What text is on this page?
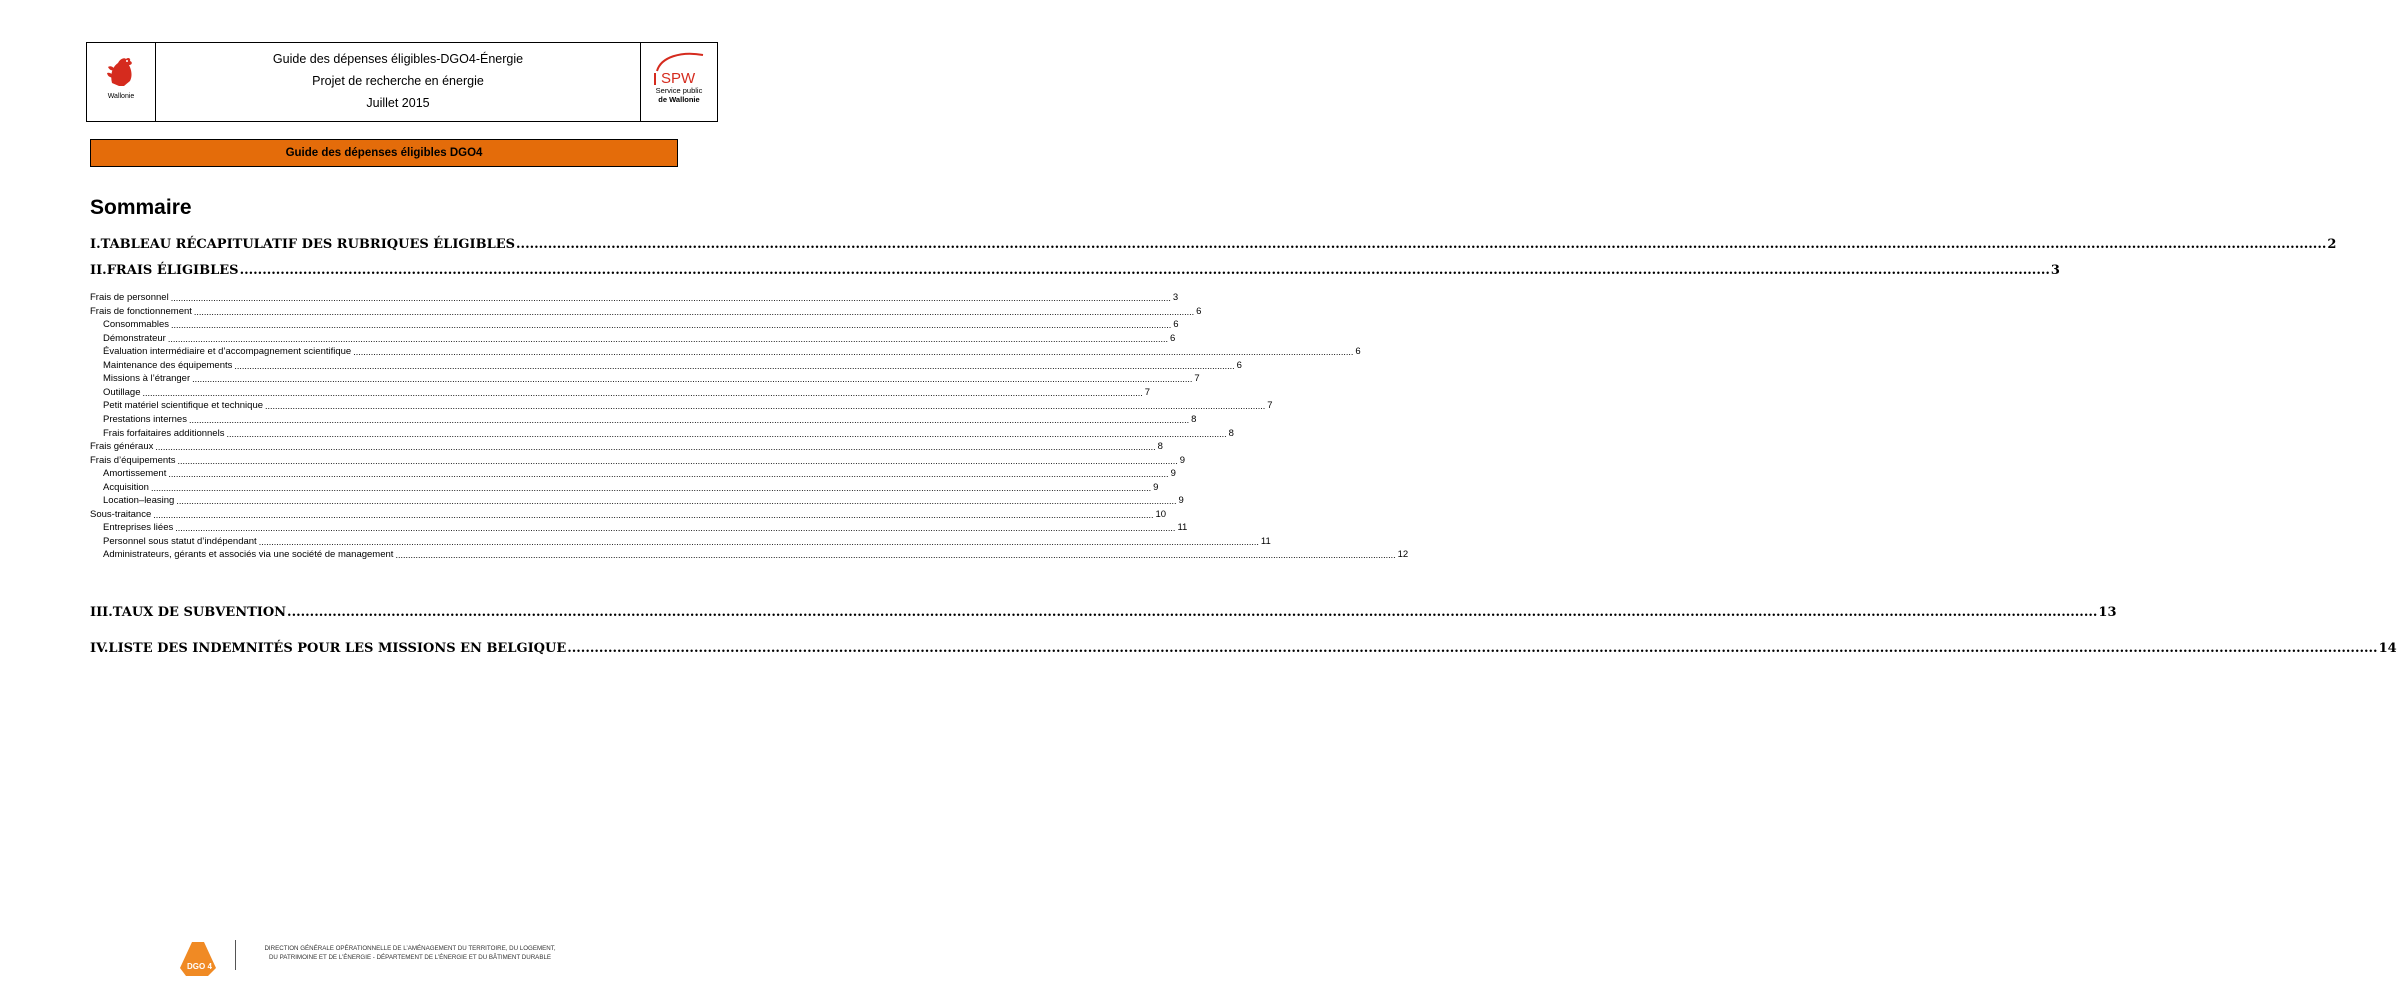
Wallonie
Guide des dépenses éligibles-DGO4-Énergie
Projet de recherche en énergie
Juillet 2015
SPW
Service public
de Wallonie
Guide des dépenses éligibles DGO4
Sommaire
I. TABLEAU RÉCAPITULATIF DES RUBRIQUES ÉLIGIBLES ................................................................................................................................................................................................................................................................................................................................................................................................................ 2
II. FRAIS ÉLIGIBLES ................................................................................................................................................................................................................................................................................................................................................................................................................ 3
III. TAUX DE SUBVENTION ................................................................................................................................................................................................................................................................................................................................................................................................................ 13
IV. LISTE DES INDEMNITÉS POUR LES MISSIONS EN BELGIQUE ................................................................................................................................................................................................................................................................................................................................................................................................................ 14
Frais de personnel ................................................................................................................................................................................................................................................................................................................................................................................................................ 3
Frais de fonctionnement ................................................................................................................................................................................................................................................................................................................................................................................................................ 6
Consommables ................................................................................................................................................................................................................................................................................................................................................................................................................ 6
Démonstrateur ................................................................................................................................................................................................................................................................................................................................................................................................................ 6
Évaluation intermédiaire et d’accompagnement scientifique ................................................................................................................................................................................................................................................................................................................................................................................................................ 6
Maintenance des équipements ................................................................................................................................................................................................................................................................................................................................................................................................................ 6
Missions à l’étranger ................................................................................................................................................................................................................................................................................................................................................................................................................ 7
Outillage ................................................................................................................................................................................................................................................................................................................................................................................................................ 7
Petit matériel scientifique et technique ................................................................................................................................................................................................................................................................................................................................................................................................................ 7
Prestations internes ................................................................................................................................................................................................................................................................................................................................................................................................................ 8
Frais forfaitaires additionnels ................................................................................................................................................................................................................................................................................................................................................................................................................ 8
Frais généraux ................................................................................................................................................................................................................................................................................................................................................................................................................ 8
Frais d’équipements ................................................................................................................................................................................................................................................................................................................................................................................................................ 9
Amortissement ................................................................................................................................................................................................................................................................................................................................................................................................................ 9
Acquisition ................................................................................................................................................................................................................................................................................................................................................................................................................ 9
Location–leasing ................................................................................................................................................................................................................................................................................................................................................................................................................ 9
Sous-traitance ................................................................................................................................................................................................................................................................................................................................................................................................................ 10
Entreprises liées ................................................................................................................................................................................................................................................................................................................................................................................................................ 11
Personnel sous statut d’indépendant ................................................................................................................................................................................................................................................................................................................................................................................................................ 11
Administrateurs, gérants et associés via une société de management ................................................................................................................................................................................................................................................................................................................................................................................................................ 12
DGO 4
DIRECTION GÉNÉRALE OPÉRATIONNELLE DE L’AMÉNAGEMENT DU TERRITOIRE, DU LOGEMENT,
DU PATRIMOINE ET DE L’ÉNERGIE - DÉPARTEMENT DE L’ÉNERGIE ET DU BÂTIMENT DURABLE
